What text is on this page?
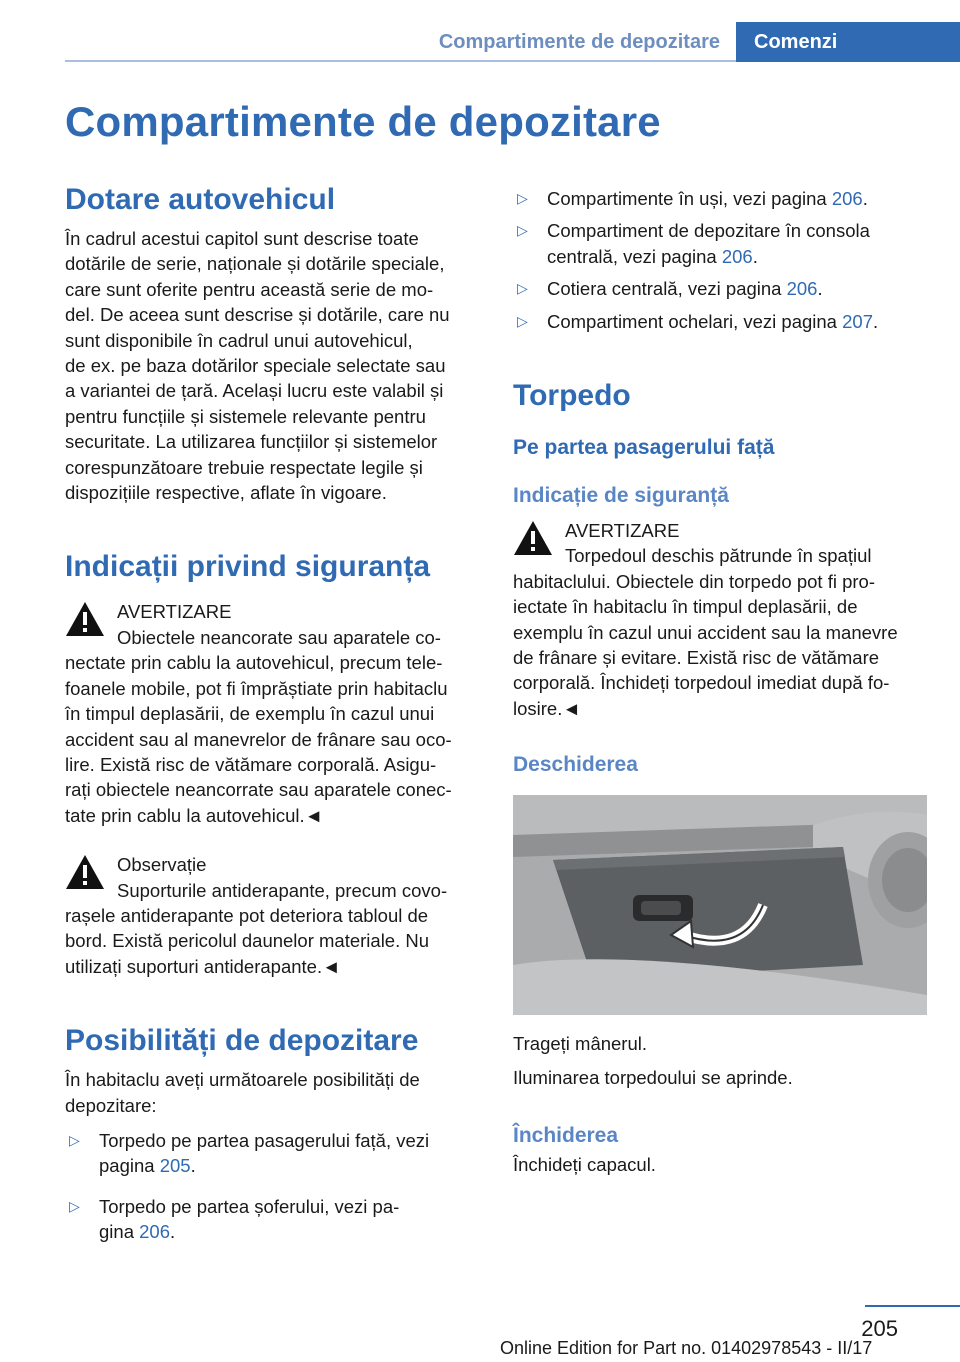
Compartimente de depozitare	Comenzi
Compartimente de depozitare
Dotare autovehicul

În cadrul acestui capitol sunt descrise toate
dotările de serie, naționale și dotările speciale,
care sunt oferite pentru această serie de mo-
del. De aceea sunt descrise și dotările, care nu
sunt disponibile în cadrul unui autovehicul,
de ex. pe baza dotărilor speciale selectate sau
a variantei de țară. Același lucru este valabil și
pentru funcțiile și sistemele relevante pentru
securitate. La utilizarea funcțiilor și sistemelor
corespunzătoare trebuie respectate legile și
dispozițiile respective, aflate în vigoare.

Indicații privind siguranța
AVERTIZARE
Obiectele neancorate sau aparatele co-
nectate prin cablu la autovehicul, precum tele-
foanele mobile, pot fi împrăștiate prin habitaclu
în timpul deplasării, de exemplu în cazul unui
accident sau al manevrelor de frânare sau oco-
lire. Există risc de vătămare corporală. Asigu-
rați obiectele neancorrate sau aparatele conec-
tate prin cablu la autovehicul.◄
Observație
Suporturile antiderapante, precum covo-
rașele antiderapante pot deteriora tabloul de
bord. Există pericolul daunelor materiale. Nu
utilizați suporturi antiderapante.◄
Posibilități de depozitare

În habitaclu aveți următoarele posibilități de
depozitare:

▷ Torpedo pe partea pasagerului față, vezi
pagina 205.
▷ Torpedo pe partea șoferului, vezi pa-
gina 206.
▷ Compartimente în uși, vezi pagina 206.
▷ Compartiment de depozitare în consola
centrală, vezi pagina 206.
▷ Cotiera centrală, vezi pagina 206.
▷ Compartiment ochelari, vezi pagina 207.
Torpedo
Pe partea pasagerului față
Indicație de siguranță
AVERTIZARE
Torpedoul deschis pătrunde în spațiul
habitaclului. Obiectele din torpedo pot fi pro-
iectate în habitaclu în timpul deplasării, de
exemplu în cazul unui accident sau la manevre
de frânare și evitare. Există risc de vătămare
corporală. Închideți torpedoul imediat după fo-
losire.◄
Deschiderea

Trageți mânerul.

Iluminarea torpedoului se aprinde.

Închiderea

Închideți capacul.

205
Online Edition for Part no. 01402978543 - II/17
